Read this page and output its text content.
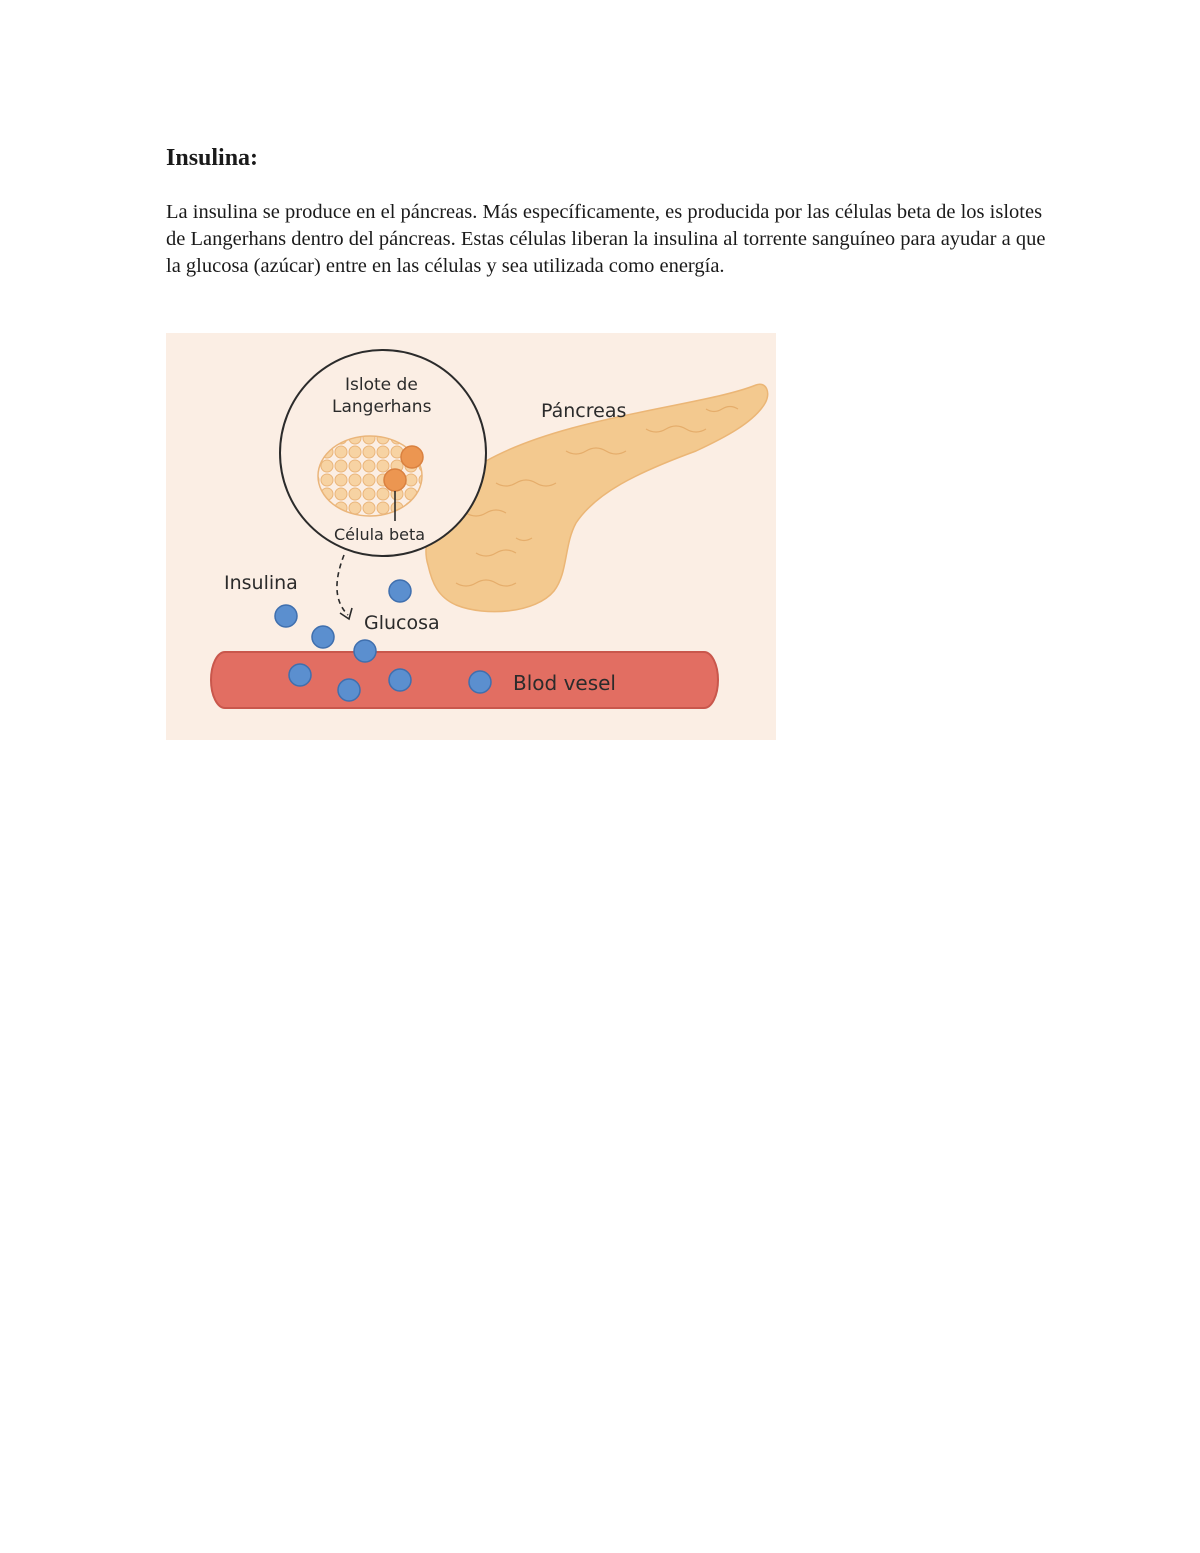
Insulina:

La insulina se produce en el páncreas. Más específicamente, es producida por las células beta de los islotes de Langerhans dentro del páncreas. Estas células liberan la insulina al torrente sanguíneo para ayudar a que la glucosa (azúcar) entre en las células y sea utilizada como energía.

Páncreas
Islote de
Langerhans
Célula beta
Insulina
Glucosa
Blod vesel
